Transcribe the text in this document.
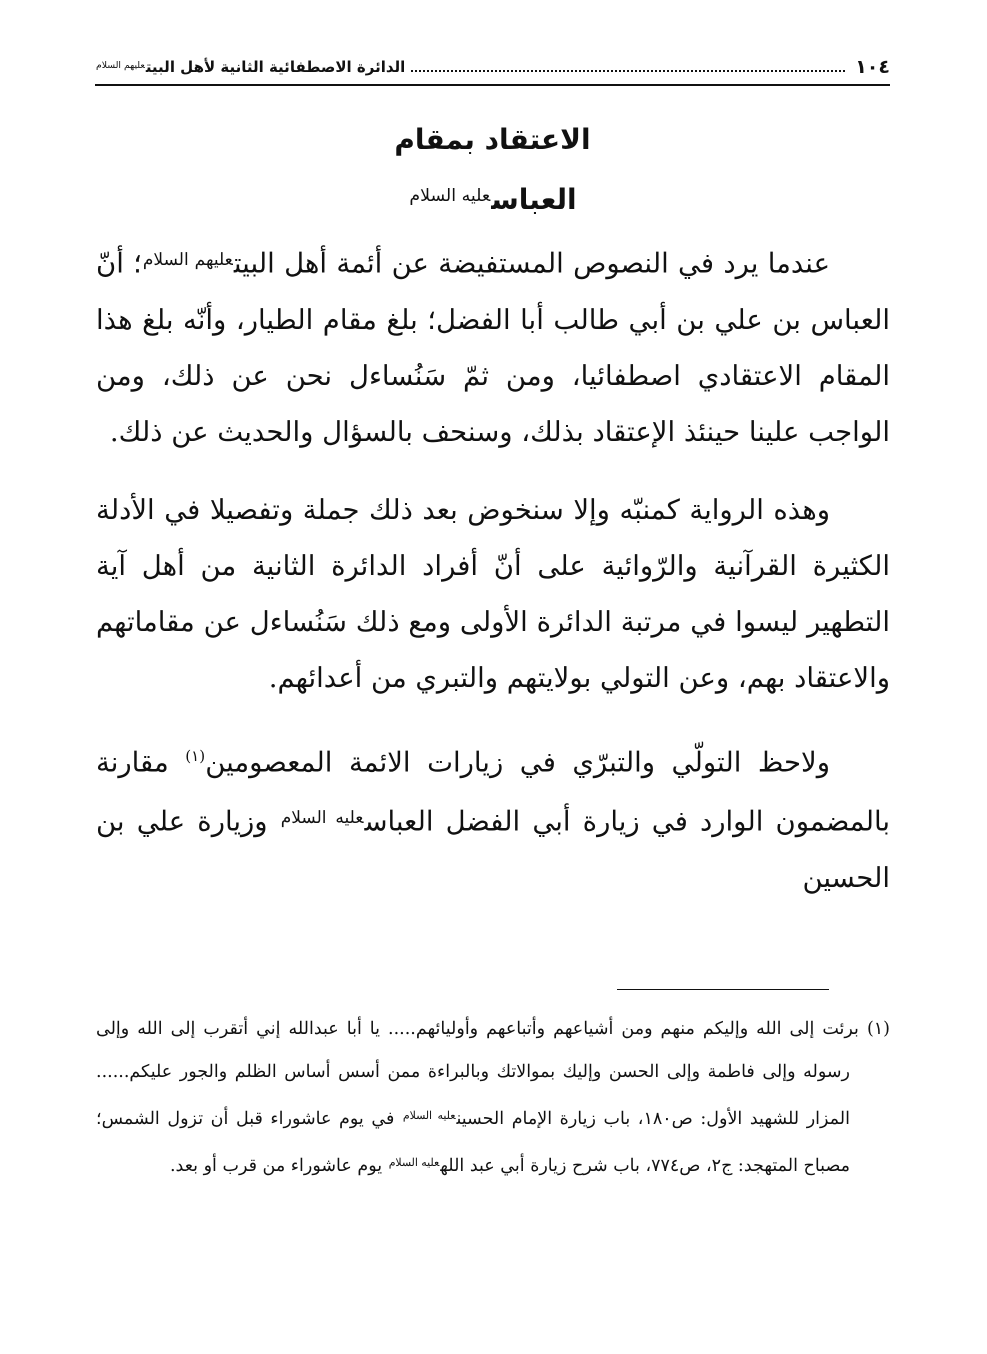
١٠٤
الدائرة الاصطفائية الثانية لأهل البيت$^{عليهم السلام}$
الاعتقاد بمقام
العباس$^{عليه السلام}$

عندما يرد في النصوص المستفيضة عن أئمة أهل البيت$^{عليهم السلام}$؛ أنّ العباس بن علي بن أبي طالب أبا الفضل؛ بلغ مقام الطيار، وأنّه بلغ هذا المقام الاعتقادي اصطفائيا، ومن ثمّ سَنُساءل نحن عن ذلك، ومن الواجب علينا حينئذ الإعتقاد بذلك، وسنحف بالسؤال والحديث عن ذلك.

وهذه الرواية كمنبّه وإلا سنخوض بعد ذلك جملة وتفصيلا في الأدلة الكثيرة القرآنية والرّوائية على أنّ أفراد الدائرة الثانية من أهل آية التطهير ليسوا في مرتبة الدائرة الأولى ومع ذلك سَنُساءل عن مقاماتهم والاعتقاد بهم، وعن التولي بولايتهم والتبري من أعدائهم.

ولاحظ التولّي والتبرّي في زيارات الائمة المعصومين$^{(١)}$ مقارنة بالمضمون الوارد في زيارة أبي الفضل العباس$^{عليه السلام}$ وزيارة علي بن الحسين

(١) برئت إلى الله وإليكم منهم ومن أشياعهم وأتباعهم وأوليائهم..... يا أبا عبدالله إني أتقرب إلى الله وإلى رسوله وإلى فاطمة وإلى الحسن وإليك بموالاتك وبالبراءة ممن أسس أساس الظلم والجور عليكم...... المزار للشهيد الأول: ص١٨٠، باب زيارة الإمام الحسين$^{عليه السلام}$ في يوم عاشوراء قبل أن تزول الشمس؛ مصباح المتهجد: ج٢، ص٧٧٤، باب شرح زيارة أبي عبد الله$^{عليه السلام}$ يوم عاشوراء من قرب أو بعد.
